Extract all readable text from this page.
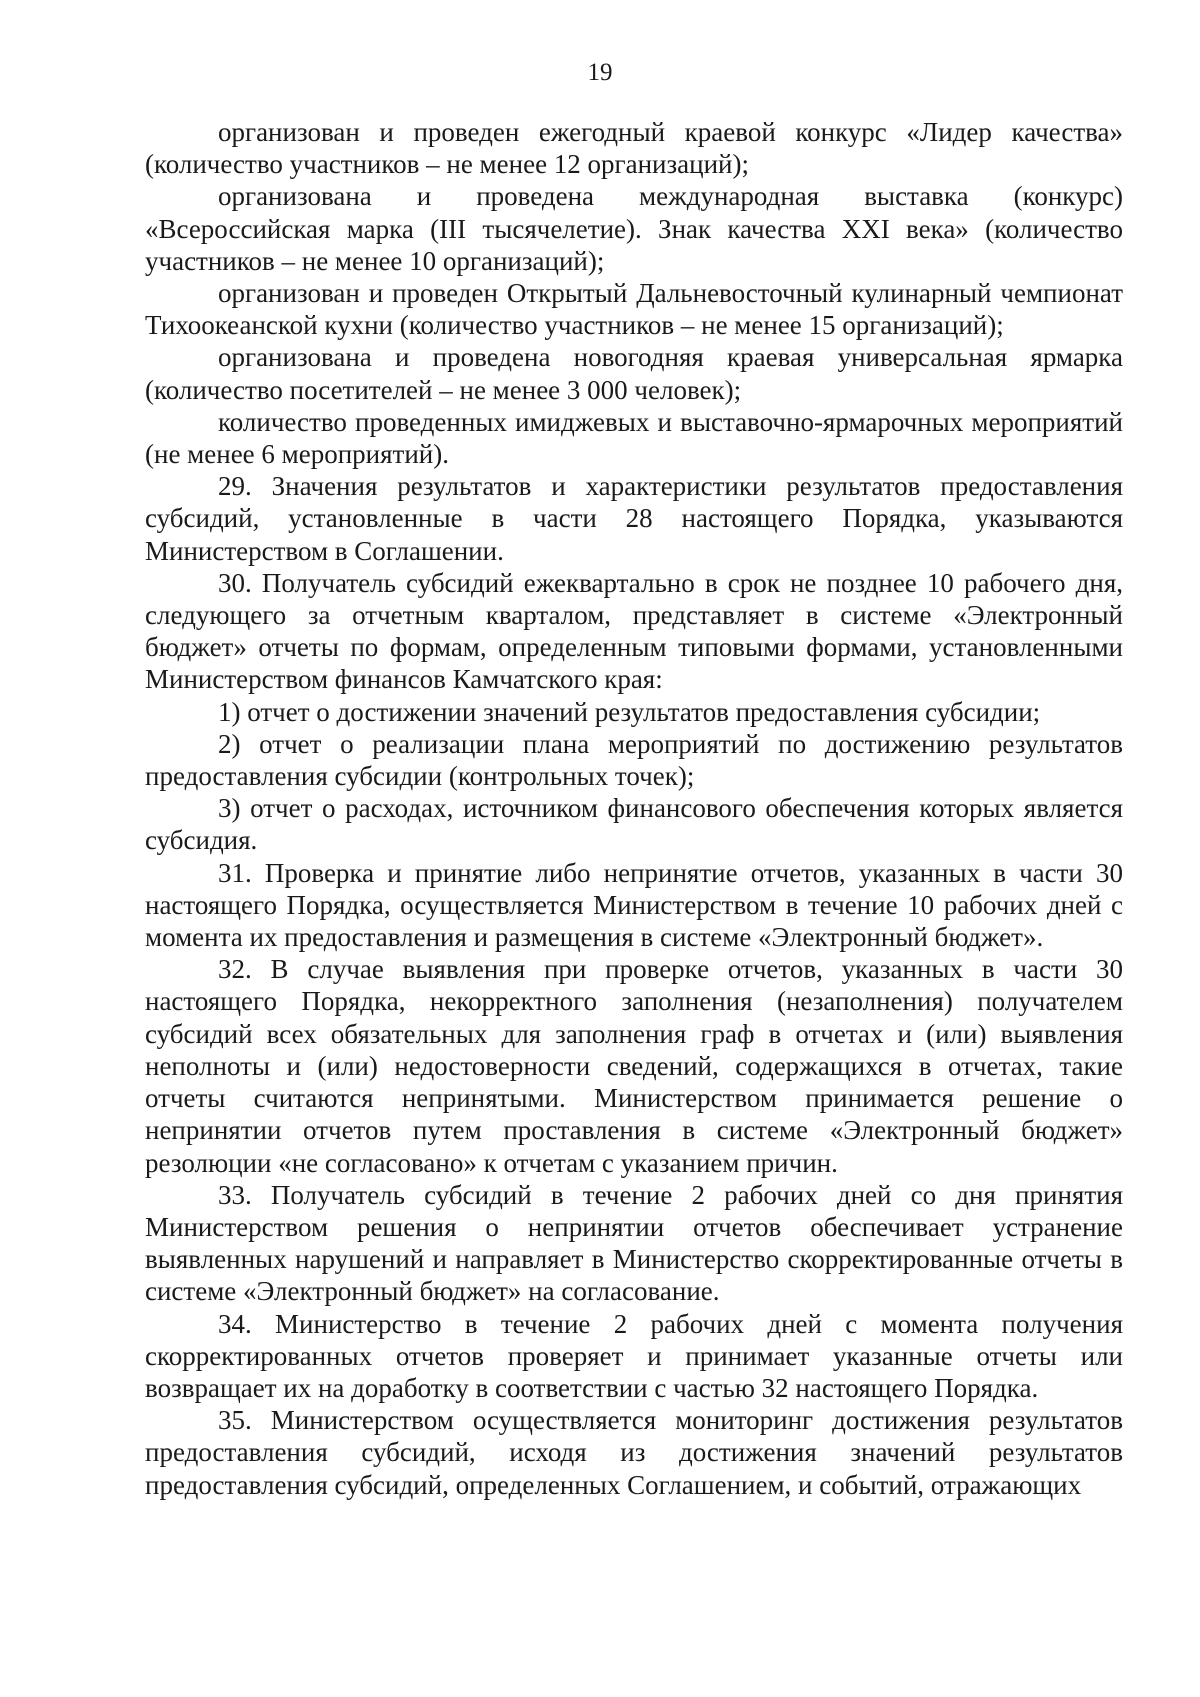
19

организован и проведен ежегодный краевой конкурс «Лидер качества» (количество участников – не менее 12 организаций);

организована и проведена международная выставка (конкурс) «Всероссийская марка (III тысячелетие). Знак качества XXI века» (количество участников – не менее 10 организаций);

организован и проведен Открытый Дальневосточный кулинарный чемпионат Тихоокеанской кухни (количество участников – не менее 15 организаций);

организована и проведена новогодняя краевая универсальная ярмарка (количество посетителей – не менее 3 000 человек);

количество проведенных имиджевых и выставочно-ярмарочных мероприятий (не менее 6 мероприятий).

29. Значения результатов и характеристики результатов предоставления субсидий, установленные в части 28 настоящего Порядка, указываются Министерством в Соглашении.

30. Получатель субсидий ежеквартально в срок не позднее 10 рабочего дня, следующего за отчетным кварталом, представляет в системе «Электронный бюджет» отчеты по формам, определенным типовыми формами, установленными Министерством финансов Камчатского края:

1) отчет о достижении значений результатов предоставления субсидии;

2) отчет о реализации плана мероприятий по достижению результатов предоставления субсидии (контрольных точек);

3) отчет о расходах, источником финансового обеспечения которых является субсидия.

31. Проверка и принятие либо непринятие отчетов, указанных в части 30 настоящего Порядка, осуществляется Министерством в течение 10 рабочих дней с момента их предоставления и размещения в системе «Электронный бюджет».

32. В случае выявления при проверке отчетов, указанных в части 30 настоящего Порядка, некорректного заполнения (незаполнения) получателем субсидий всех обязательных для заполнения граф в отчетах и (или) выявления неполноты и (или) недостоверности сведений, содержащихся в отчетах, такие отчеты считаются непринятыми. Министерством принимается решение о непринятии отчетов путем проставления в системе «Электронный бюджет» резолюции «не согласовано» к отчетам с указанием причин.

33. Получатель субсидий в течение 2 рабочих дней со дня принятия Министерством решения о непринятии отчетов обеспечивает устранение выявленных нарушений и направляет в Министерство скорректированные отчеты в системе «Электронный бюджет» на согласование.

34. Министерство в течение 2 рабочих дней с момента получения скорректированных отчетов проверяет и принимает указанные отчеты или возвращает их на доработку в соответствии с частью 32 настоящего Порядка.

35. Министерством осуществляется мониторинг достижения результатов предоставления субсидий, исходя из достижения значений результатов предоставления субсидий, определенных Соглашением, и событий, отражающих
